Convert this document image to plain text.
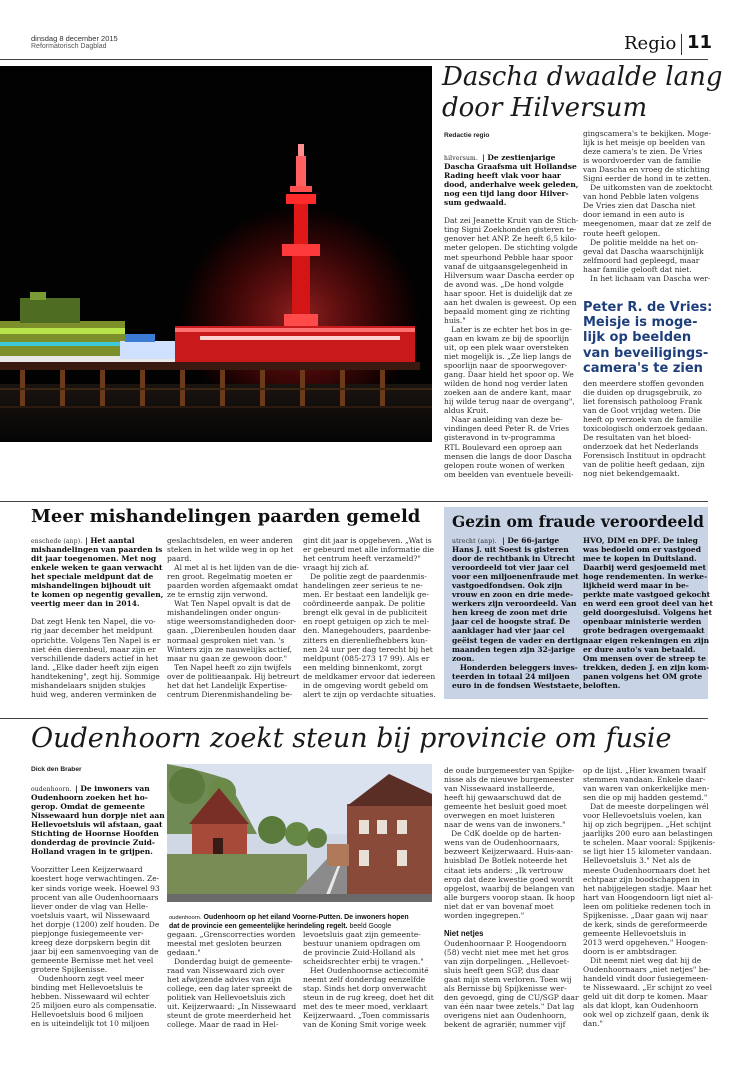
dinsdag 8 december 2015
Reformatorisch Dagblad	Regio 11
Dascha dwaalde lang
door Hilversum
Redactie regio
hilversum. | De zestienjarige
Dascha Graafsma uit Hollandse
Rading heeft vlak voor haar
dood, anderhalve week geleden,
nog een tijd lang door Hilver-
sum gedwaald.

Dat zei Jeanette Kruit van de Stich-
ting Signi Zoekhonden gisteren te-
genover het ANP. Ze heeft 6,5 kilo-
meter gelopen. De stichting volgde
met speurhond Pebble haar spoor
vanaf de uitgaansgelegenheid in
Hilversum waar Dascha eerder op
de avond was. „De hond volgde
haar spoor. Het is duidelijk dat ze
aan het dwalen is geweest. Op een
bepaald moment ging ze richting
huis."
Later is ze echter het bos in ge-
gaan en kwam ze bij de spoorlijn
uit, op een plek waar oversteken
niet mogelijk is. „Ze liep langs de
spoorlijn naar de spoorwegover-
gang. Daar hield het spoor op. We
wilden de hond nog verder laten
zoeken aan de andere kant, maar
hij wilde terug naar de overgang",
aldus Kruit.
Naar aanleiding van deze be-
vindingen deed Peter R. de Vries
gisteravond in tv-programma
RTL Boulevard een oproep aan
mensen die langs de door Dascha
gelopen route wonen of werken
om beelden van eventuele beveili-
gingscamera's te bekijken. Moge-
lijk is het meisje op beelden van
deze camera's te zien. De Vries
is woordvoerder van de familie
van Dascha en vroeg de stichting
Signi eerder de hond in te zetten.
De uitkomsten van de zoektocht
van hond Pebble laten volgens
De Vries zien dat Dascha niet
door iemand in een auto is
meegenomen, maar dat ze zelf de
route heeft gelopen.
De politie meldde na het on-
geval dat Dascha waarschijnlijk
zelfmoord had gepleegd, maar
haar familie gelooft dat niet.
In het lichaam van Dascha wer-
Peter R. de Vries:
Meisje is moge-
lijk op beelden
van beveiligings-
camera's te zien
den meerdere stoffen gevonden
die duiden op drugsgebruik, zo
liet forensisch patholoog Frank
van de Goot vrijdag weten. Die
heeft op verzoek van de familie
toxicologisch onderzoek gedaan.
De resultaten van het bloed-
onderzoek dat het Nederlands
Forensisch Instituut in opdracht
van de politie heeft gedaan, zijn
nog niet bekendgemaakt.
Meer mishandelingen paarden gemeld
enschede (anp). | Het aantal
mishandelingen van paarden is
dit jaar toegenomen. Met nog
enkele weken te gaan verwacht
het speciale meldpunt dat de
mishandelingen bijhoudt uit
te komen op negentig gevallen,
veertig meer dan in 2014.

Dat zegt Henk ten Napel, die vo-
rig jaar december het meldpunt
oprichtte. Volgens Ten Napel is er
niet één dierenbeul, maar zijn er
verschillende daders actief in het
land. „Elke dader heeft zijn eigen
handtekening", zegt hij. Sommige
mishandelaars snijden stukjes
huid weg, anderen verminken de
geslachtsdelen, en weer anderen
steken in het wilde weg in op het
paard.
Al met al is het lijden van de die-
ren groot. Regelmatig moeten er
paarden worden afgemaakt omdat
ze te ernstig zijn verwond.
Wat Ten Napel opvalt is dat de
mishandelingen onder ongun-
stige weersomstandigheden door-
gaan. „Dierenbeulen houden daar
normaal gesproken niet van. 's
Winters zijn ze nauwelijks actief,
maar nu gaan ze gewoon door."
Ten Napel heeft zo zijn twijfels
over de politieaanpak. Hij betreurt
het dat het Landelijk Expertise-
centrum Dierenmishandeling be-
gint dit jaar is opgeheven. „Wat is
er gebeurd met alle informatie die
het centrum heeft verzameld?"
vraagt hij zich af.
De politie zegt de paardenmis-
handelingen zeer serieus te ne-
men. Er bestaat een landelijk ge-
coördineerde aanpak. De politie
brengt elk geval in de publiciteit
en roept getuigen op zich te mel-
den. Manegehouders, paardenbe-
zitters en dierenliefhebbers kun-
nen 24 uur per dag terecht bij het
meldpunt (085-273 17 99). Als er
een melding binnenkomt, zorgt
de meldkamer ervoor dat iedereen
in de omgeving wordt gebeld om
alert te zijn op verdachte situaties.
Gezin om fraude veroordeeld
utrecht (anp). | De 66-jarige
Hans J. uit Soest is gisteren
door de rechtbank in Utrecht
veroordeeld tot vier jaar cel
voor een miljoenenfraude met
vastgoedfondsen. Ook zijn
vrouw en zoon en drie mede-
werkers zijn veroordeeld. Van
hen kreeg de zoon met drie
jaar cel de hoogste straf. De
aanklager had vier jaar cel
geëist tegen de vader en dertig
maanden tegen zijn 32-jarige
zoon.
Honderden beleggers inves-
teerden in totaal 24 miljoen
euro in de fondsen Weststaete,
HVO, DIM en DPF. De inleg
was bedoeld om er vastgoed
mee te kopen in Duitsland.
Daarbij werd gesjoemeld met
hoge rendementen. In werke-
lijkheid werd maar in be-
perkte mate vastgoed gekocht
en werd een groot deel van het
geld doorgesluisd. Volgens het
openbaar ministerie werden
grote bedragen overgemaakt
naar eigen rekeningen en zijn
er dure auto's van betaald.
Om mensen over de streep te
trekken, deden J. en zijn kom-
panen volgens het OM grote
beloften.
Oudenhoorn zoekt steun bij provincie om fusie
Dick den Braber
oudenhoorn. | De inwoners van
Oudenhoorn zoeken het ho-
gerop. Omdat de gemeente
Nissewaard hun dorpje niet aan
Hellevoetsluis wil afstaan, gaat
Stichting de Hoornse Hoofden
donderdag de provincie Zuid-
Holland vragen in te grijpen.

Voorzitter Leen Keijzerwaard
koestert hoge verwachtingen. Ze-
ker sinds vorige week. Hoewel 93
procent van alle Oudenhoornaars
liever onder de vlag van Helle-
voetsluis vaart, wil Nissewaard
het dorpje (1200) zelf houden. De
piepjonge fusiegemeente ver-
kreeg deze dorpskern begin dit
jaar bij een samenvoeging van de
gemeente Bernisse met het veel
grotere Spijkenisse.
Oudenhoorn zegt veel meer
binding met Hellevoetsluis te
hebben. Nissewaard wil echter
25 miljoen euro als compensatie.
Hellevoetsluis bood 6 miljoen
en is uiteindelijk tot 10 miljoen

oudenhoorn. Oudenhoorn op het eiland Voorne-Putten. De inwoners hopen

dat de provincie een gemeentelijke herindeling regelt. beeld Google

gegaan. „Grenscorrecties worden
meestal met gesloten beurzen
gedaan."
Donderdag buigt de gemeente-
raad van Nissewaard zich over
het afwijzende advies van zijn
college, een dag later spreekt de
politiek van Hellevoetsluis zich
uit. Keijzerwaard: „In Nissewaard
steunt de grote meerderheid het
college. Maar de raad in Hel-
levoetsluis gaat zijn gemeente-
bestuur unaniem opdragen om
de provincie Zuid-Holland als
scheidsrechter erbij te vragen."
Het Oudenhoornse actiecomité
neemt zelf donderdag eenzelfde
stap. Sinds het dorp onverwacht
steun in de rug kreeg, doet het dit
met des te meer moed, verklaart
Keijzerwaard. „Toen commissaris
van de Koning Smit vorige week
de oude burgemeester van Spijke-
nisse als de nieuwe burgemeester
van Nissewaard installeerde,
heeft hij gewaarschuwd dat de
gemeente het besluit goed moet
overwegen en moet luisteren
naar de wens van de inwoners."
De CdK doelde op de harten-
wens van de Oudenhoornaars,
bezweert Keijzerwaard. Huis-aan-
huisblad De Botlek noteerde het
citaat iets anders: „Ik vertrouw
erop dat deze kwestie goed wordt
opgelost, waarbij de belangen van
alle burgers voorop staan. Ik hoop
niet dat er van bovenaf moet
worden ingegrepen."
Niet netjes
Oudenhoornaar P. Hoogendoorn
(58) vecht niet mee met het gros
van zijn dorpelingen. „Hellevoet-
sluis heeft geen SGP, dus daar
gaat mijn stem verloren. Toen wij
als Bernisse bij Spijkenisse wer-
den gevoegd, ging de CU/SGP daar
van één naar twee zetels." Dat lag
overigens niet aan Oudenhoorn,
bekent de agrariër, nummer vijf
op de lijst. „Hier kwamen twaalf
stemmen vandaan. Enkele daar-
van waren van onkerkelijke men-
sen die op mij hadden gestemd."
Dat de meeste dorpelingen wél
voor Hellevoetsluis voelen, kan
hij op zich begrijpen. „Het schijnt
jaarlijks 200 euro aan belastingen
te schelen. Maar vooral: Spijkenis-
se ligt hier 15 kilometer vandaan.
Hellevoetsluis 3." Net als de
meeste Oudenhoornaars doet het
echtpaar zijn boodschappen in
het nabijgelegen stadje. Maar het
hart van Hoogendoorn ligt niet al-
leen om politieke redenen toch in
Spijkenisse. „Daar gaan wij naar
de kerk, sinds de gereformeerde
gemeente Hellevoetsluis in
2013 werd opgeheven." Hoogen-
doorn is er ambtsdrager.
Dit neemt niet weg dat hij de
Oudenhoornaars „niet netjes" be-
handeld vindt door fusiegemeen-
te Nissewaard. „Er schijnt zo veel
geld uit dit dorp te komen. Maar
als dat klopt, kan Oudenhoorn
ook wel op zichzelf gaan, denk ik
dan."
